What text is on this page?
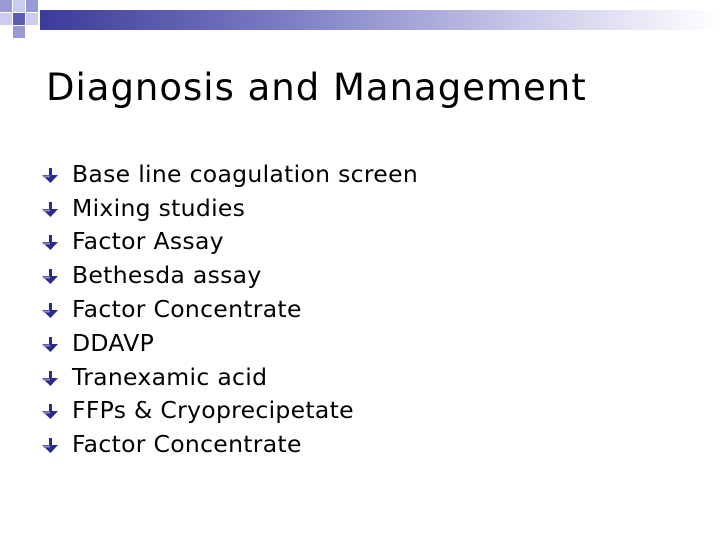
Diagnosis and Management
Base line coagulation screen
Mixing studies
Factor Assay
Bethesda assay
Factor Concentrate
DDAVP
Tranexamic acid
FFPs & Cryoprecipetate
Factor Concentrate
